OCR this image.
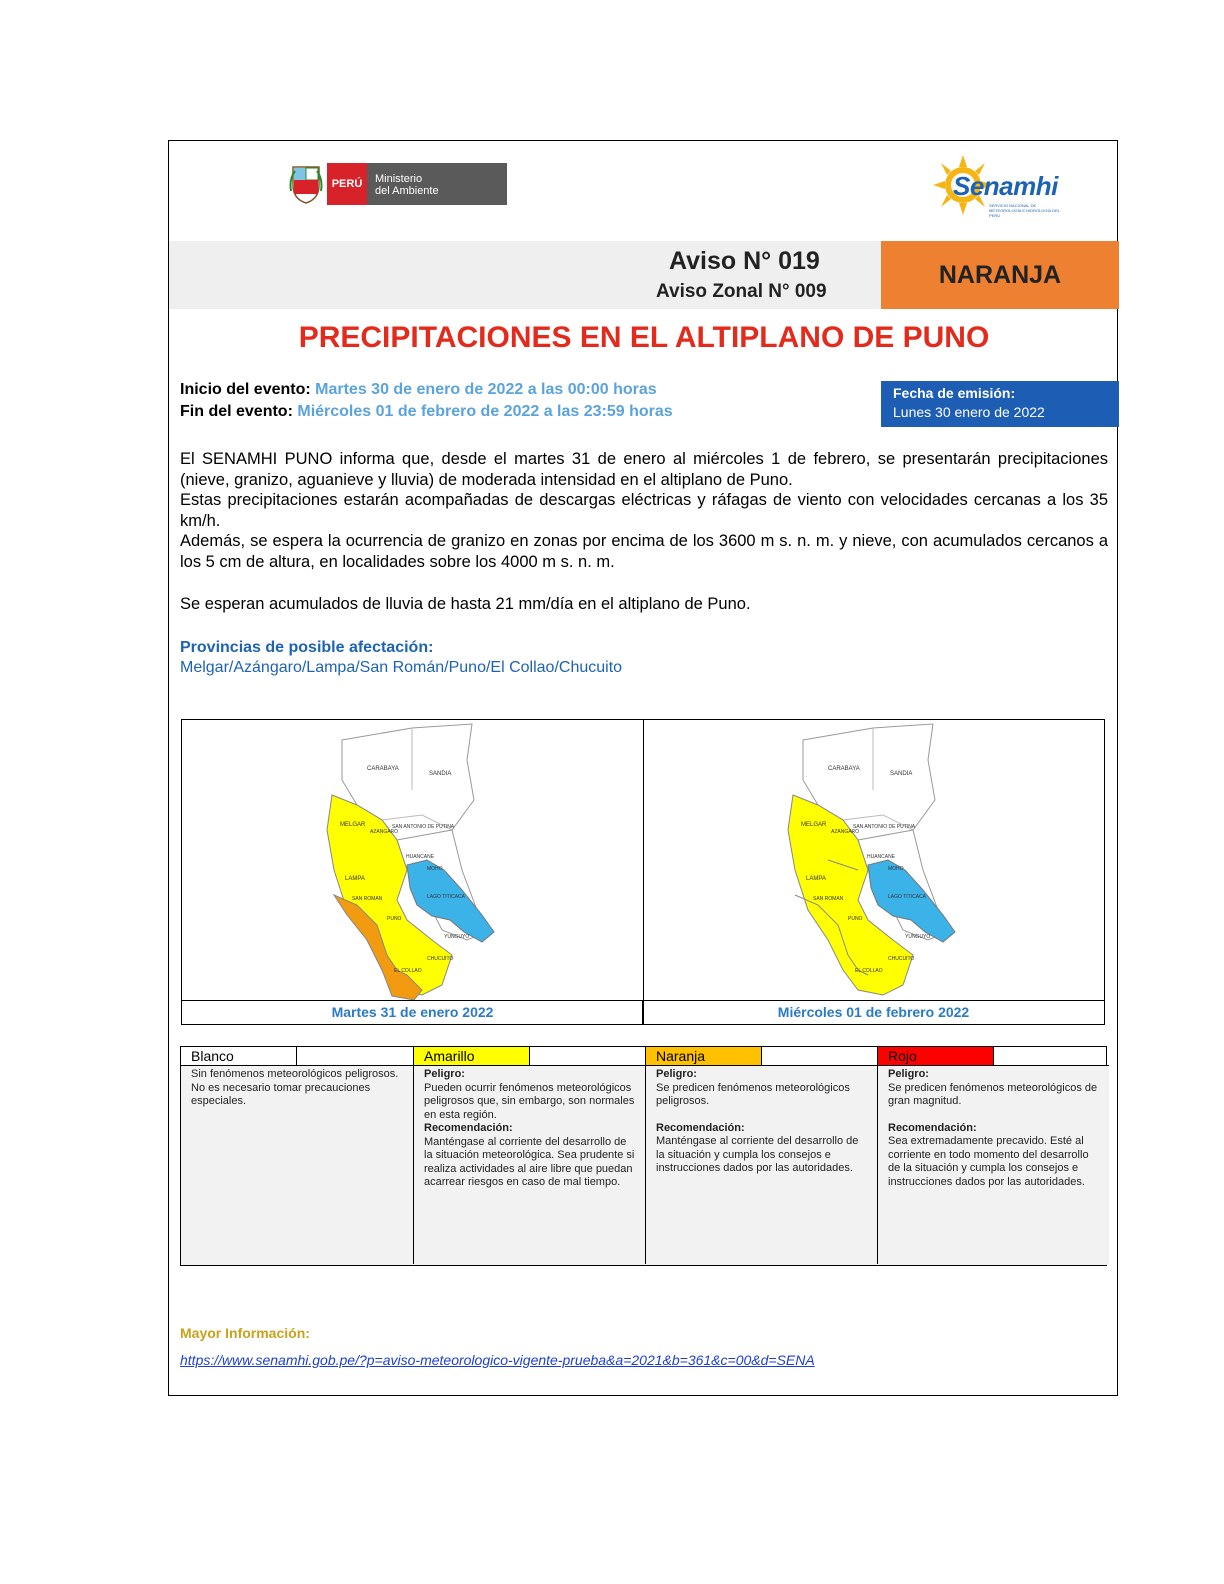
PERÚ	Ministerio
del Ambiente	Senamhi
SERVICIO NACIONAL DE METEOROLOGÍA E HIDROLOGÍA DEL PERÚ
Aviso N° 019
Aviso Zonal N° 009
NARANJA
PRECIPITACIONES EN EL ALTIPLANO DE PUNO
Inicio del evento: Martes 30 de enero de 2022 a las 00:00 horas
Fin del evento: Miércoles 01 de febrero de 2022 a las 23:59 horas
Fecha de emisión:
Lunes 30 enero de 2022
El SENAMHI PUNO informa que, desde el martes 31 de enero al miércoles 1 de febrero, se presentarán precipitaciones (nieve, granizo, aguanieve y lluvia) de moderada intensidad en el altiplano de Puno.
Estas precipitaciones estarán acompañadas de descargas eléctricas y ráfagas de viento con velocidades cercanas a los 35 km/h.
Además, se espera la ocurrencia de granizo en zonas por encima de los 3600 m s. n. m. y nieve, con acumulados cercanos a los 5 cm de altura, en localidades sobre los 4000 m s. n. m.
Se esperan acumulados de lluvia de hasta 21 mm/día en el altiplano de Puno.
Provincias de posible afectación:
Melgar/Azángaro/Lampa/San Román/Puno/El Collao/Chucuito
CARABAYA
SANDIA
MELGAR
AZANGARO
SAN ANTONIO DE PUTINA
HUANCANE
MOHO
LAMPA
SAN ROMAN	LAGO TITICACA
PUNO
YUNGUYO
CHUCUITO
EL COLLAO
CARABAYA
SANDIA
MELGAR
AZANGARO
SAN ANTONIO DE PUTINA
HUANCANE
MOHO
LAMPA
SAN ROMAN	LAGO TITICACA
PUNO
YUNGUYO
CHUCUITO
EL COLLAO
Martes 31 de enero 2022	Miércoles 01 de febrero 2022
Blanco
Sin fenómenos meteorológicos peligrosos.
No es necesario tomar precauciones especiales.
Amarillo
Peligro:
Pueden ocurrir fenómenos meteorológicos peligrosos que, sin embargo, son normales en esta región.
Recomendación:
Manténgase al corriente del desarrollo de la situación meteorológica. Sea prudente si realiza actividades al aire libre que puedan acarrear riesgos en caso de mal tiempo.
Naranja
Peligro:
Se predicen fenómenos meteorológicos peligrosos.
Recomendación:
Manténgase al corriente del desarrollo de la situación y cumpla los consejos e instrucciones dados por las autoridades.
Rojo
Peligro:
Se predicen fenómenos meteorológicos de gran magnitud.
Recomendación:
Sea extremadamente precavido. Esté al corriente en todo momento del desarrollo de la situación y cumpla los consejos e instrucciones dados por las autoridades.
Mayor Información:
https://www.senamhi.gob.pe/?p=aviso-meteorologico-vigente-prueba&a=2021&b=361&c=00&d=SENA
